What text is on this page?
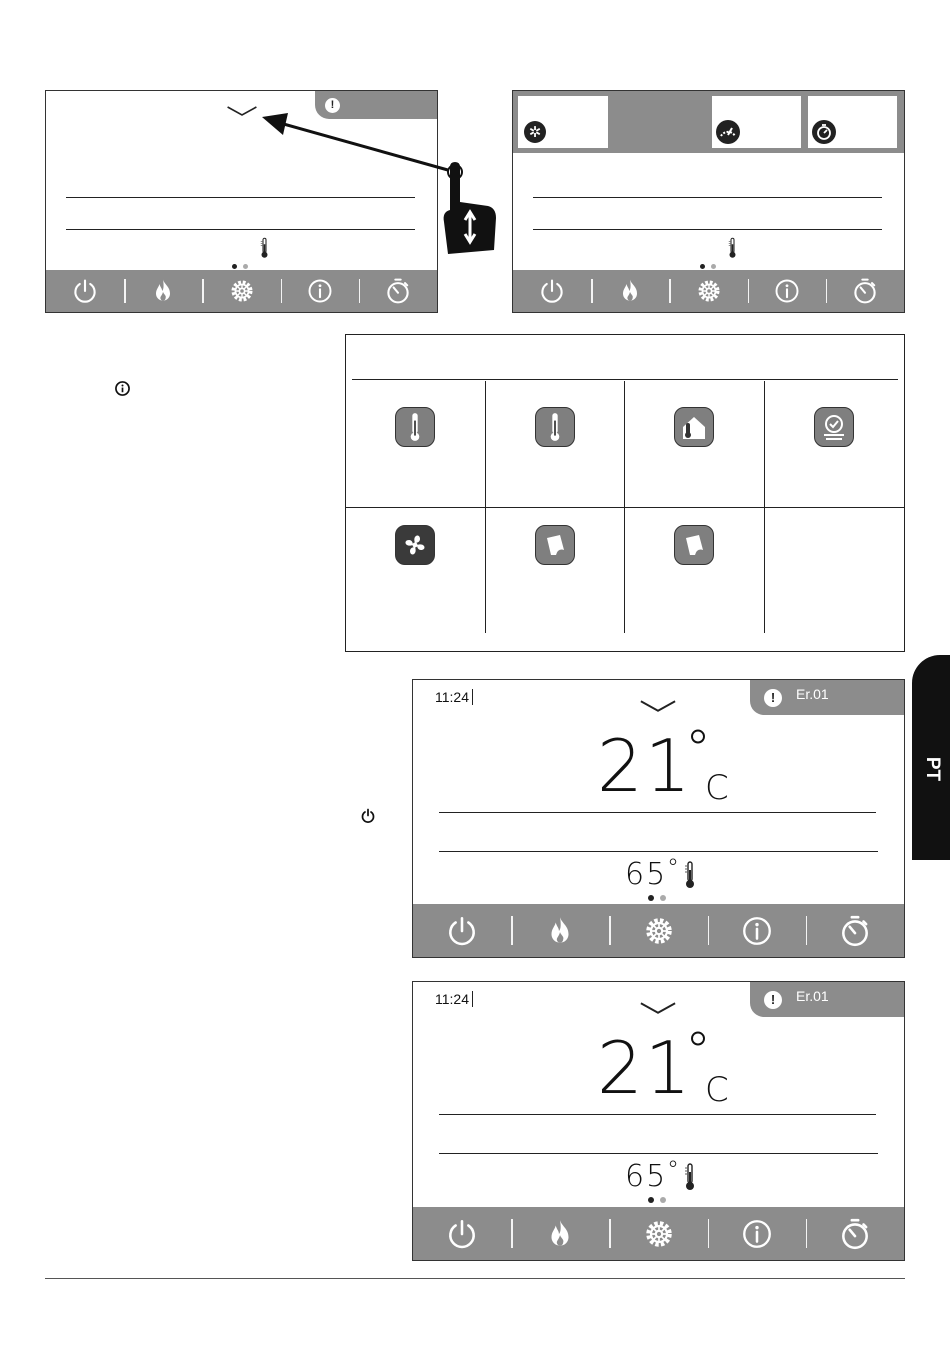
!
✲
PT
11:24	!	Er.01
21
°
C
65 °
11:24	!	Er.01
21
°
C
65 °
